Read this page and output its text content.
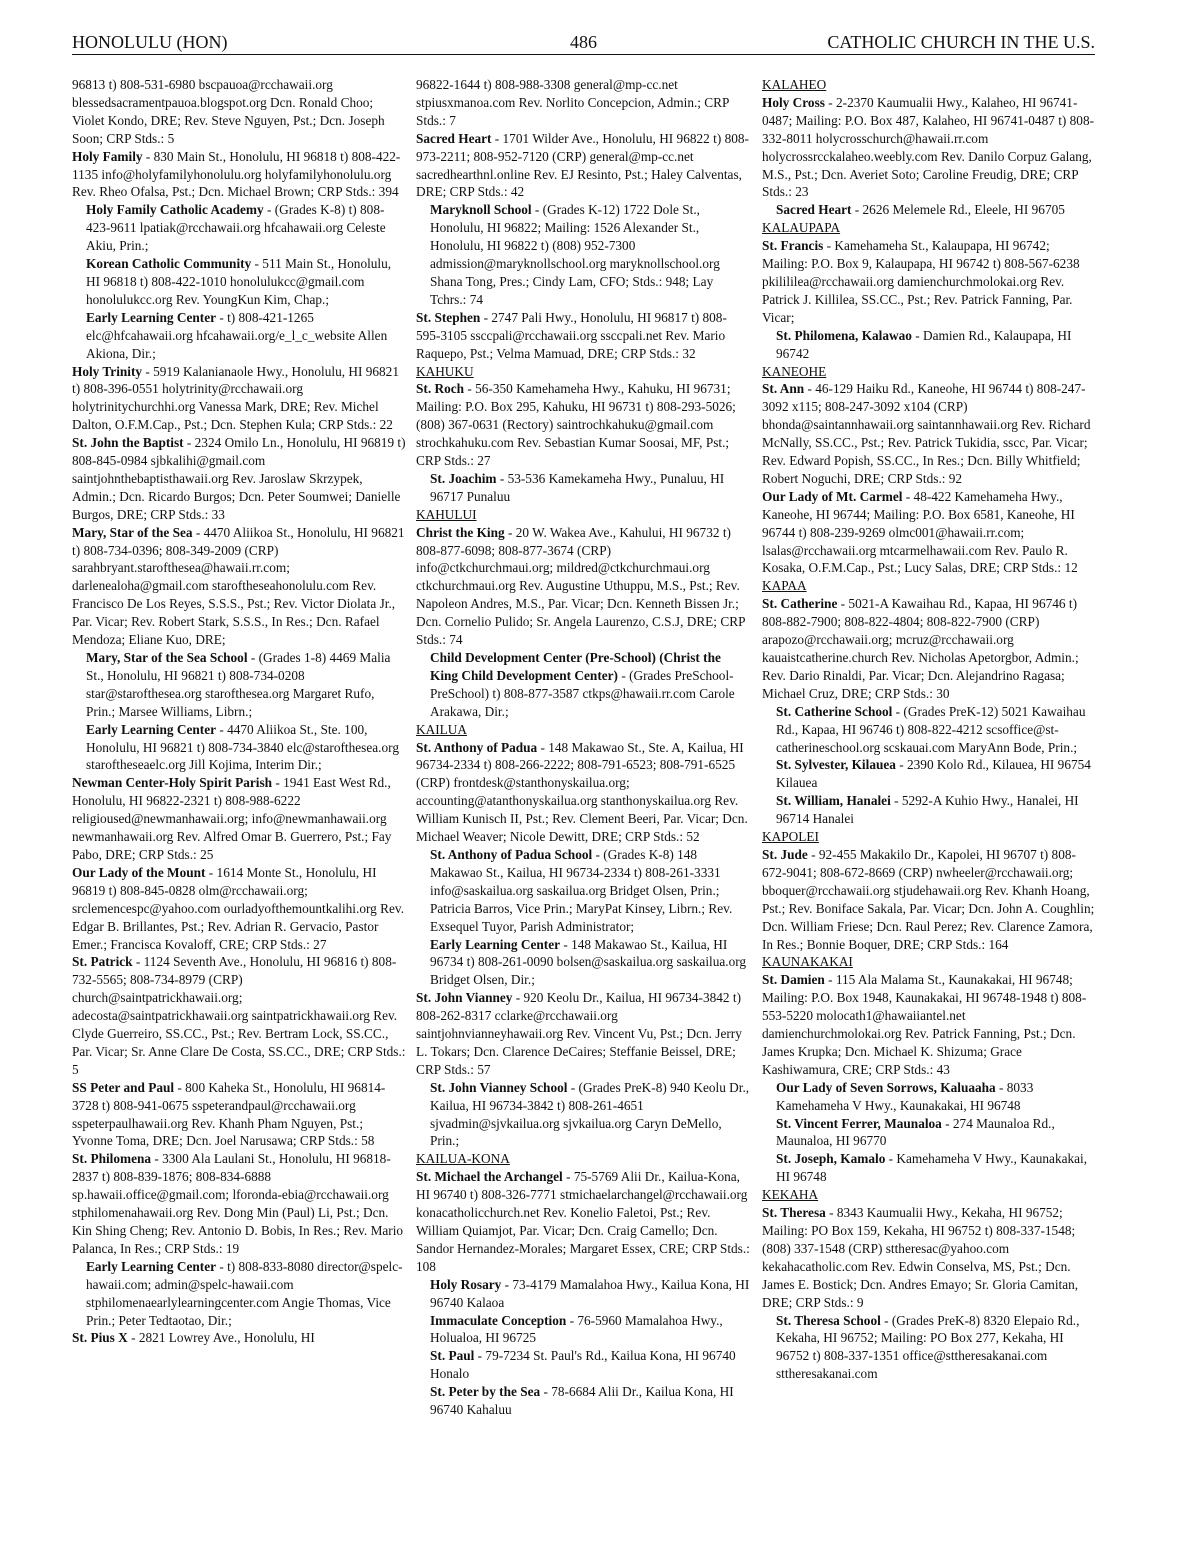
HONOLULU (HON)	486	CATHOLIC CHURCH IN THE U.S.
96813 t) 808-531-6980 bscpauoa@rcchawaii.org blessedsacramentpauoa.blogspot.org Dcn. Ronald Choo; Violet Kondo, DRE; Rev. Steve Nguyen, Pst.; Dcn. Joseph Soon; CRP Stds.: 5
Holy Family - 830 Main St., Honolulu, HI 96818 t) 808-422-1135 info@holyfamilyhonolulu.org holyfamilyhonolulu.org Rev. Rheo Ofalsa, Pst.; Dcn. Michael Brown; CRP Stds.: 394
Holy Family Catholic Academy - (Grades K-8) t) 808-423-9611 lpatiak@rcchawaii.org hfcahawaii.org Celeste Akiu, Prin.;
Korean Catholic Community - 511 Main St., Honolulu, HI 96818 t) 808-422-1010 honolulukcc@gmail.com honolulukcc.org Rev. YoungKun Kim, Chap.;
Early Learning Center - t) 808-421-1265 elc@hfcahawaii.org hfcahawaii.org/e_l_c_website Allen Akiona, Dir.;
Holy Trinity - 5919 Kalanianaole Hwy., Honolulu, HI 96821 t) 808-396-0551 holytrinity@rcchawaii.org holytrinitychurchhi.org Vanessa Mark, DRE; Rev. Michel Dalton, O.F.M.Cap., Pst.; Dcn. Stephen Kula; CRP Stds.: 22
St. John the Baptist - 2324 Omilo Ln., Honolulu, HI 96819 t) 808-845-0984 sjbkalihi@gmail.com saintjohnthebaptisthawaii.org Rev. Jaroslaw Skrzypek, Admin.; Dcn. Ricardo Burgos; Dcn. Peter Soumwei; Danielle Burgos, DRE; CRP Stds.: 33
Mary, Star of the Sea - 4470 Aliikoa St., Honolulu, HI 96821 t) 808-734-0396; 808-349-2009 (CRP) sarahbryant.starofthesea@hawaii.rr.com; darlenealoha@gmail.com staroftheseahonolulu.com Rev. Francisco De Los Reyes, S.S.S., Pst.; Rev. Victor Diolata Jr., Par. Vicar; Rev. Robert Stark, S.S.S., In Res.; Dcn. Rafael Mendoza; Eliane Kuo, DRE;
Mary, Star of the Sea School - (Grades 1-8) 4469 Malia St., Honolulu, HI 96821 t) 808-734-0208 star@starofthesea.org starofthesea.org Margaret Rufo, Prin.; Marsee Williams, Librn.;
Early Learning Center - 4470 Aliikoa St., Ste. 100, Honolulu, HI 96821 t) 808-734-3840 elc@starofthesea.org staroftheseaelc.org Jill Kojima, Interim Dir.;
Newman Center-Holy Spirit Parish - 1941 East West Rd., Honolulu, HI 96822-2321 t) 808-988-6222 religioused@newmanhawaii.org; info@newmanhawaii.org newmanhawaii.org Rev. Alfred Omar B. Guerrero, Pst.; Fay Pabo, DRE; CRP Stds.: 25
Our Lady of the Mount - 1614 Monte St., Honolulu, HI 96819 t) 808-845-0828 olm@rcchawaii.org; srclemencespc@yahoo.com ourladyofthemountkalihi.org Rev. Edgar B. Brillantes, Pst.; Rev. Adrian R. Gervacio, Pastor Emer.; Francisca Kovaloff, CRE; CRP Stds.: 27
St. Patrick - 1124 Seventh Ave., Honolulu, HI 96816 t) 808-732-5565; 808-734-8979 (CRP) church@saintpatrickhawaii.org; adecosta@saintpatrickhawaii.org saintpatrickhawaii.org Rev. Clyde Guerreiro, SS.CC., Pst.; Rev. Bertram Lock, SS.CC., Par. Vicar; Sr. Anne Clare De Costa, SS.CC., DRE; CRP Stds.: 5
SS Peter and Paul - 800 Kaheka St., Honolulu, HI 96814-3728 t) 808-941-0675 sspeterandpaul@rcchawaii.org sspeterpaulhawaii.org Rev. Khanh Pham Nguyen, Pst.; Yvonne Toma, DRE; Dcn. Joel Narusawa; CRP Stds.: 58
St. Philomena - 3300 Ala Laulani St., Honolulu, HI 96818-2837 t) 808-839-1876; 808-834-6888 sp.hawaii.office@gmail.com; lforonda-ebia@rcchawaii.org stphilomenahawaii.org Rev. Dong Min (Paul) Li, Pst.; Dcn. Kin Shing Cheng; Rev. Antonio D. Bobis, In Res.; Rev. Mario Palanca, In Res.; CRP Stds.: 19
Early Learning Center - t) 808-833-8080 director@spelc-hawaii.com; admin@spelc-hawaii.com stphilomenaearlylearningcenter.com Angie Thomas, Vice Prin.; Peter Tedtaotao, Dir.;
St. Pius X - 2821 Lowrey Ave., Honolulu, HI
96822-1644 t) 808-988-3308 general@mp-cc.net stpiusxmanoa.com Rev. Norlito Concepcion, Admin.; CRP Stds.: 7
Sacred Heart - 1701 Wilder Ave., Honolulu, HI 96822 t) 808-973-2211; 808-952-7120 (CRP) general@mp-cc.net sacredhearthnl.online Rev. EJ Resinto, Pst.; Haley Calventas, DRE; CRP Stds.: 42
Maryknoll School - (Grades K-12) 1722 Dole St., Honolulu, HI 96822; Mailing: 1526 Alexander St., Honolulu, HI 96822 t) (808) 952-7300 admission@maryknollschool.org maryknollschool.org Shana Tong, Pres.; Cindy Lam, CFO; Stds.: 948; Lay Tchrs.: 74
St. Stephen - 2747 Pali Hwy., Honolulu, HI 96817 t) 808-595-3105 ssccpali@rcchawaii.org ssccpali.net Rev. Mario Raquepo, Pst.; Velma Mamuad, DRE; CRP Stds.: 32
KAHUKU
St. Roch - 56-350 Kamehameha Hwy., Kahuku, HI 96731; Mailing: P.O. Box 295, Kahuku, HI 96731 t) 808-293-5026; (808) 367-0631 (Rectory) saintrochkahuku@gmail.com strochkahuku.com Rev. Sebastian Kumar Soosai, MF, Pst.; CRP Stds.: 27
St. Joachim - 53-536 Kamekameha Hwy., Punaluu, HI 96717 Punaluu
KAHULUI
Christ the King - 20 W. Wakea Ave., Kahului, HI 96732 t) 808-877-6098; 808-877-3674 (CRP) info@ctkchurchmaui.org; mildred@ctkchurchmaui.org ctkchurchmaui.org Rev. Augustine Uthuppu, M.S., Pst.; Rev. Napoleon Andres, M.S., Par. Vicar; Dcn. Kenneth Bissen Jr.; Dcn. Cornelio Pulido; Sr. Angela Laurenzo, C.S.J, DRE; CRP Stds.: 74
Child Development Center (Pre-School) (Christ the King Child Development Center) - (Grades PreSchool-PreSchool) t) 808-877-3587 ctkps@hawaii.rr.com Carole Arakawa, Dir.;
KAILUA
St. Anthony of Padua - 148 Makawao St., Ste. A, Kailua, HI 96734-2334 t) 808-266-2222; 808-791-6523; 808-791-6525 (CRP) frontdesk@stanthonyskailua.org; accounting@atanthonyskailua.org stanthonyskailua.org Rev. William Kunisch II, Pst.; Rev. Clement Beeri, Par. Vicar; Dcn. Michael Weaver; Nicole Dewitt, DRE; CRP Stds.: 52
St. Anthony of Padua School - (Grades K-8) 148 Makawao St., Kailua, HI 96734-2334 t) 808-261-3331 info@saskailua.org saskailua.org Bridget Olsen, Prin.; Patricia Barros, Vice Prin.; MaryPat Kinsey, Librn.; Rev. Exsequel Tuyor, Parish Administrator;
Early Learning Center - 148 Makawao St., Kailua, HI 96734 t) 808-261-0090 bolsen@saskailua.org saskailua.org Bridget Olsen, Dir.;
St. John Vianney - 920 Keolu Dr., Kailua, HI 96734-3842 t) 808-262-8317 cclarke@rcchawaii.org saintjohnvianneyhawaii.org Rev. Vincent Vu, Pst.; Dcn. Jerry L. Tokars; Dcn. Clarence DeCaires; Steffanie Beissel, DRE; CRP Stds.: 57
St. John Vianney School - (Grades PreK-8) 940 Keolu Dr., Kailua, HI 96734-3842 t) 808-261-4651 sjvadmin@sjvkailua.org sjvkailua.org Caryn DeMello, Prin.;
KAILUA-KONA
St. Michael the Archangel - 75-5769 Alii Dr., Kailua-Kona, HI 96740 t) 808-326-7771 stmichaelarchangel@rcchawaii.org konacatholicchurch.net Rev. Konelio Faletoi, Pst.; Rev. William Quiamjot, Par. Vicar; Dcn. Craig Camello; Dcn. Sandor Hernandez-Morales; Margaret Essex, CRE; CRP Stds.: 108
Holy Rosary - 73-4179 Mamalahoa Hwy., Kailua Kona, HI 96740 Kalaoa
Immaculate Conception - 76-5960 Mamalahoa Hwy., Holualoa, HI 96725
St. Paul - 79-7234 St. Paul's Rd., Kailua Kona, HI 96740 Honalo
St. Peter by the Sea - 78-6684 Alii Dr., Kailua Kona, HI 96740 Kahaluu
KALAHEO
Holy Cross - 2-2370 Kaumualii Hwy., Kalaheo, HI 96741-0487; Mailing: P.O. Box 487, Kalaheo, HI 96741-0487 t) 808-332-8011 holycrosschurch@hawaii.rr.com holycrossrcckalaheo.weebly.com Rev. Danilo Corpuz Galang, M.S., Pst.; Dcn. Averiet Soto; Caroline Freudig, DRE; CRP Stds.: 23
Sacred Heart - 2626 Melemele Rd., Eleele, HI 96705
KALAUPAPA
St. Francis - Kamehameha St., Kalaupapa, HI 96742; Mailing: P.O. Box 9, Kalaupapa, HI 96742 t) 808-567-6238 pkilililea@rcchawaii.org damienchurchmolokai.org Rev. Patrick J. Killilea, SS.CC., Pst.; Rev. Patrick Fanning, Par. Vicar;
St. Philomena, Kalawao - Damien Rd., Kalaupapa, HI 96742
KANEOHE
St. Ann - 46-129 Haiku Rd., Kaneohe, HI 96744 t) 808-247-3092 x115; 808-247-3092 x104 (CRP) bhonda@saintannhawaii.org saintannhawaii.org Rev. Richard McNally, SS.CC., Pst.; Rev. Patrick Tukidia, sscc, Par. Vicar; Rev. Edward Popish, SS.CC., In Res.; Dcn. Billy Whitfield; Robert Noguchi, DRE; CRP Stds.: 92
Our Lady of Mt. Carmel - 48-422 Kamehameha Hwy., Kaneohe, HI 96744; Mailing: P.O. Box 6581, Kaneohe, HI 96744 t) 808-239-9269 olmc001@hawaii.rr.com; lsalas@rcchawaii.org mtcarmelhawaii.com Rev. Paulo R. Kosaka, O.F.M.Cap., Pst.; Lucy Salas, DRE; CRP Stds.: 12
KAPAA
St. Catherine - 5021-A Kawaihau Rd., Kapaa, HI 96746 t) 808-882-7900; 808-822-4804; 808-822-7900 (CRP) arapozo@rcchawaii.org; mcruz@rcchawaii.org kauaistcatherine.church Rev. Nicholas Apetorgbor, Admin.; Rev. Dario Rinaldi, Par. Vicar; Dcn. Alejandrino Ragasa; Michael Cruz, DRE; CRP Stds.: 30
St. Catherine School - (Grades PreK-12) 5021 Kawaihau Rd., Kapaa, HI 96746 t) 808-822-4212 scsoffice@st-catherineschool.org scskauai.com MaryAnn Bode, Prin.;
St. Sylvester, Kilauea - 2390 Kolo Rd., Kilauea, HI 96754 Kilauea
St. William, Hanalei - 5292-A Kuhio Hwy., Hanalei, HI 96714 Hanalei
KAPOLEI
St. Jude - 92-455 Makakilo Dr., Kapolei, HI 96707 t) 808-672-9041; 808-672-8669 (CRP) nwheeler@rcchawaii.org; bboquer@rcchawaii.org stjudehawaii.org Rev. Khanh Hoang, Pst.; Rev. Boniface Sakala, Par. Vicar; Dcn. John A. Coughlin; Dcn. William Friese; Dcn. Raul Perez; Rev. Clarence Zamora, In Res.; Bonnie Boquer, DRE; CRP Stds.: 164
KAUNAKAKAI
St. Damien - 115 Ala Malama St., Kaunakakai, HI 96748; Mailing: P.O. Box 1948, Kaunakakai, HI 96748-1948 t) 808-553-5220 molocath1@hawaiiantel.net damienchurchmolokai.org Rev. Patrick Fanning, Pst.; Dcn. James Krupka; Dcn. Michael K. Shizuma; Grace Kashiwamura, CRE; CRP Stds.: 43
Our Lady of Seven Sorrows, Kaluaaha - 8033 Kamehameha V Hwy., Kaunakakai, HI 96748
St. Vincent Ferrer, Maunaloa - 274 Maunaloa Rd., Maunaloa, HI 96770
St. Joseph, Kamalo - Kamehameha V Hwy., Kaunakakai, HI 96748
KEKAHA
St. Theresa - 8343 Kaumualii Hwy., Kekaha, HI 96752; Mailing: PO Box 159, Kekaha, HI 96752 t) 808-337-1548; (808) 337-1548 (CRP) sttheresac@yahoo.com kekahacatholic.com Rev. Edwin Conselva, MS, Pst.; Dcn. James E. Bostick; Dcn. Andres Emayo; Sr. Gloria Camitan, DRE; CRP Stds.: 9
St. Theresa School - (Grades PreK-8) 8320 Elepaio Rd., Kekaha, HI 96752; Mailing: PO Box 277, Kekaha, HI 96752 t) 808-337-1351 office@sttheresakanai.com sttheresakanai.com
